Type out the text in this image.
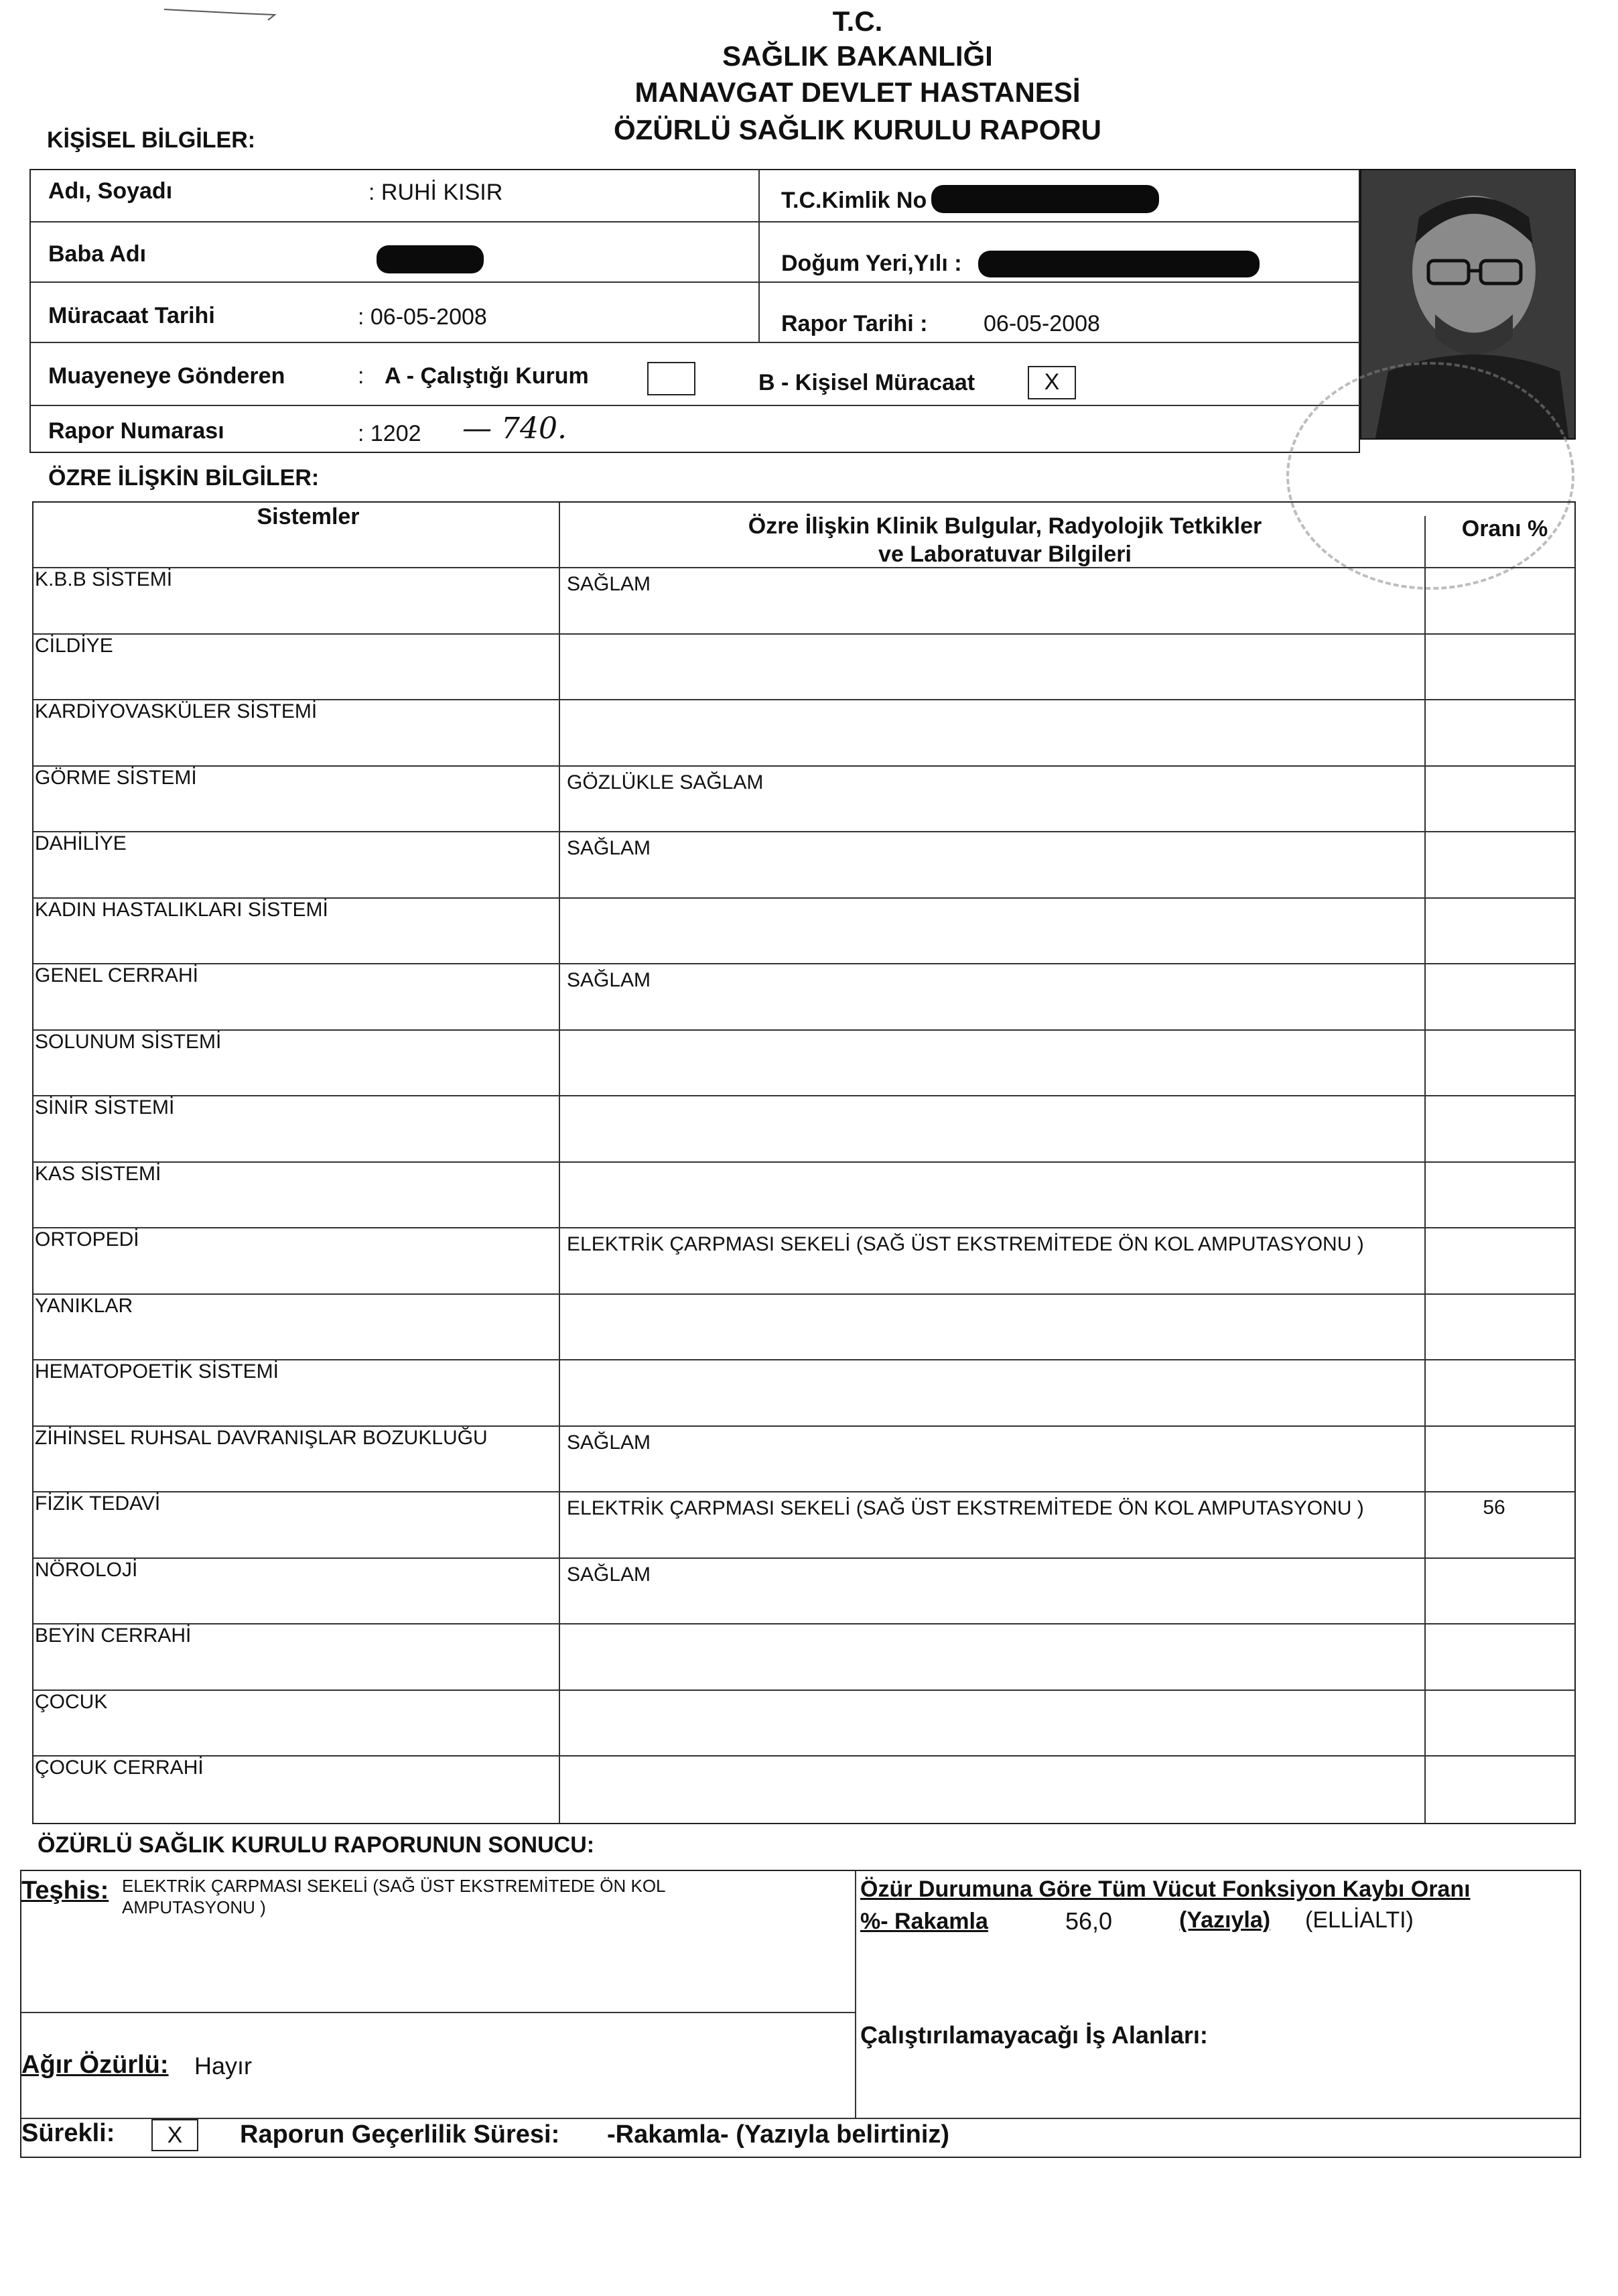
T.C.
SAĞLIK BAKANLIĞI
MANAVGAT DEVLET HASTANESİ
ÖZÜRLÜ SAĞLIK KURULU RAPORU
KİŞİSEL BİLGİLER:
Adı, Soyadı	: RUHİ KISIR	T.C.Kimlik No
Baba Adı	Doğum Yeri,Yılı :
Müracaat Tarihi	: 06-05-2008	Rapor Tarihi : 06-05-2008
Muayeneye Gönderen	: A - Çalıştığı Kurum	B - Kişisel Müracaat	X
Rapor Numarası	: 1202 — 740.
ÖZRE İLİŞKİN BİLGİLER:
Sistemler	Özre İlişkin Klinik Bulgular, Radyolojik Tetkikler
ve Laboratuvar Bilgileri
Oranı %
K.B.B SİSTEMİ	SAĞLAM
CİLDİYE
KARDİYOVASKÜLER SİSTEMİ
GÖRME SİSTEMİ	GÖZLÜKLE SAĞLAM
DAHİLİYE	SAĞLAM
KADIN HASTALIKLARI SİSTEMİ
GENEL CERRAHİ	SAĞLAM
SOLUNUM SİSTEMİ
SİNİR SİSTEMİ
KAS SİSTEMİ
ORTOPEDİ	ELEKTRİK ÇARPMASI SEKELİ (SAĞ ÜST EKSTREMİTEDE ÖN KOL AMPUTASYONU )
YANIKLAR
HEMATOPOETİK SİSTEMİ
ZİHİNSEL RUHSAL DAVRANIŞLAR BOZUKLUĞU	SAĞLAM
FİZİK TEDAVİ	ELEKTRİK ÇARPMASI SEKELİ (SAĞ ÜST EKSTREMİTEDE ÖN KOL AMPUTASYONU )	56
NÖROLOJİ	SAĞLAM
BEYİN CERRAHİ
ÇOCUK
ÇOCUK CERRAHİ
ÖZÜRLÜ SAĞLIK KURULU RAPORUNUN SONUCU:
Teşhis: ELEKTRİK ÇARPMASI SEKELİ (SAĞ ÜST EKSTREMİTEDE ÖN KOL AMPUTASYONU )
Özür Durumuna Göre Tüm Vücut Fonksiyon Kaybı Oranı
%- Rakamla	56,0	(Yazıyla) (ELLİALTI)
Çalıştırılamayacağı İş Alanları:
Ağır Özürlü: Hayır
Sürekli:	X	Raporun Geçerlilik Süresi: -Rakamla- (Yazıyla belirtiniz)
